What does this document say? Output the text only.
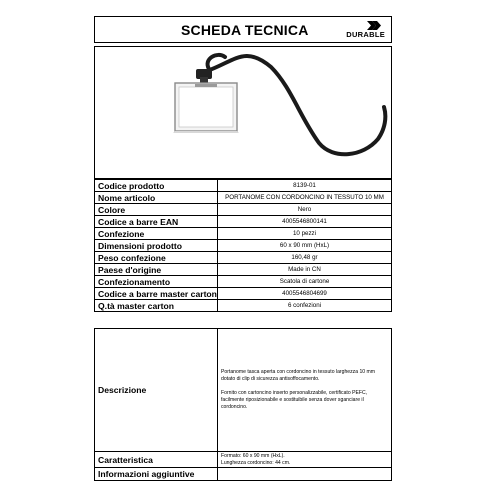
SCHEDA TECNICA	DURABLE
Codice prodotto	8139-01
Nome articolo	PORTANOME CON CORDONCINO IN TESSUTO 10 MM
Colore	Nero
Codice a barre EAN	4005546800141
Confezione	10 pezzi
Dimensioni prodotto	60 x 90 mm (HxL)
Peso confezione	160,48 gr
Paese d'origine	Made in CN
Confezionamento	Scatola di cartone
Codice a barre master carton	4005546804699
Q.tà master carton	6 confezioni
Descrizione	Portanome tasca aperta con cordoncino in tessuto larghezza 10 mm dotato di clip di sicurezza antisoffocamento.

Fornito con cartoncino inserto personalizzabile, certificato PEFC, facilmente riposizionabile e sostituibile senza dover sganciare il cordoncino.

Caratteristica	Formato: 60 x 90 mm (HxL).
Lunghezza cordoncino: 44 cm.

Informazioni aggiuntive	
